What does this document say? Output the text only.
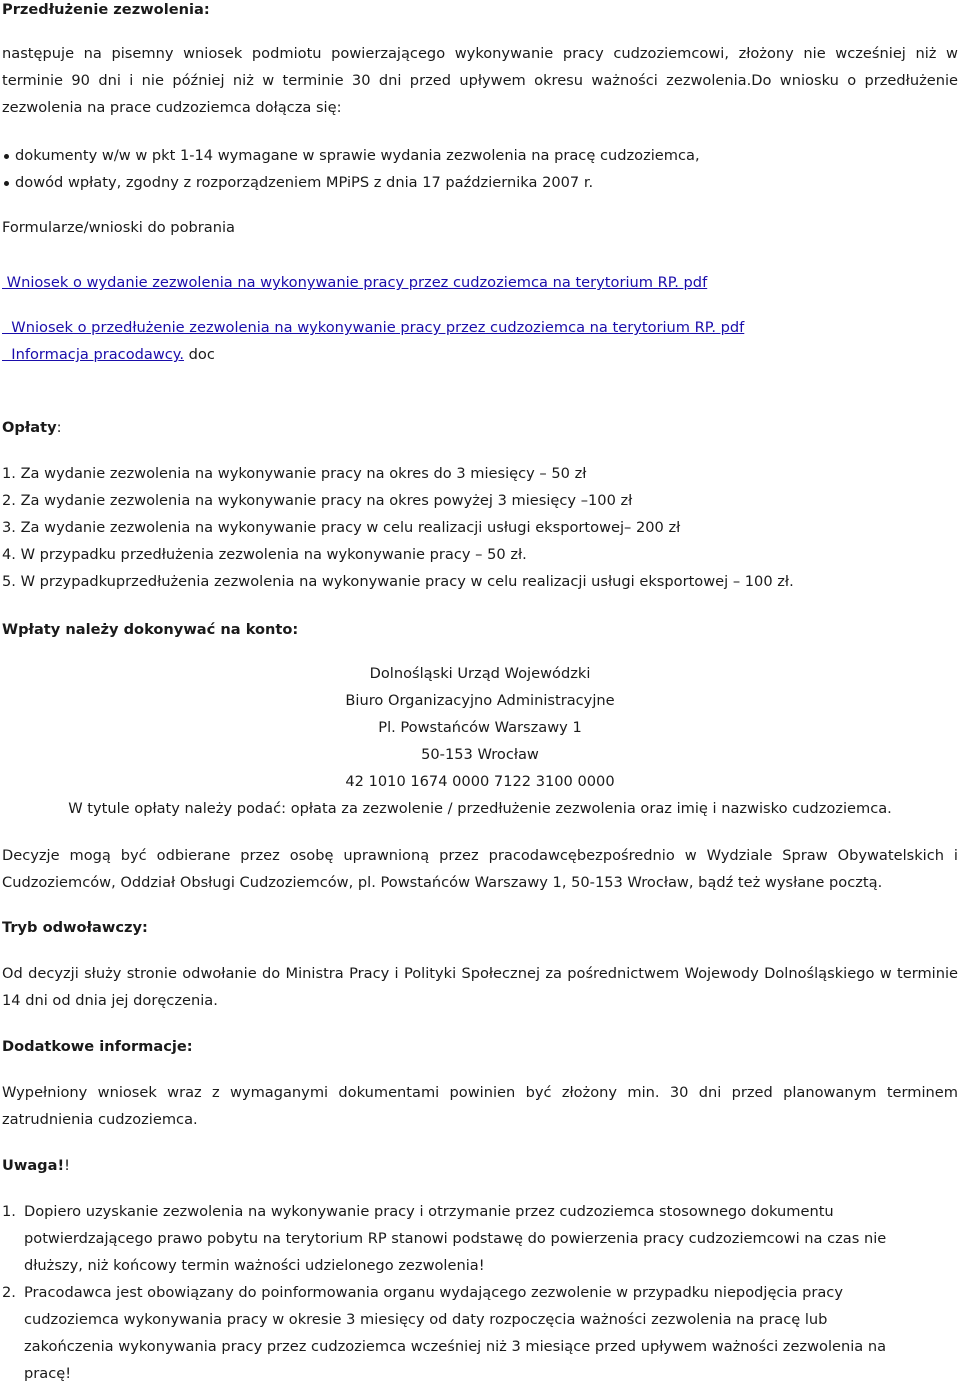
Przedłużenie zezwolenia:

następuje na pisemny wniosek podmiotu powierzającego wykonywanie pracy cudzoziemcowi, złożony nie wcześniej niż w terminie 90 dni i nie później niż w terminie 30 dni przed upływem okresu ważności zezwolenia.Do wniosku o przedłużenie zezwolenia na prace cudzoziemca dołącza się:

dokumenty w/w w pkt 1-14 wymagane w sprawie wydania zezwolenia na pracę cudzoziemca,
dowód wpłaty, zgodny z rozporządzeniem MPiPS z dnia 17 października 2007 r.
Formularze/wnioski do pobrania
Wniosek o wydanie zezwolenia na wykonywanie pracy przez cudzoziemca na terytorium RP. pdf
Wniosek o przedłużenie zezwolenia na wykonywanie pracy przez cudzoziemca na terytorium RP. pdf
Informacja pracodawcy. doc
Opłaty:
1. Za wydanie zezwolenia na wykonywanie pracy na okres do 3 miesięcy – 50 zł
2. Za wydanie zezwolenia na wykonywanie pracy na okres powyżej 3 miesięcy –100 zł
3. Za wydanie zezwolenia na wykonywanie pracy w celu realizacji usługi eksportowej– 200 zł
4. W przypadku przedłużenia zezwolenia na wykonywanie pracy – 50 zł.
5. W przypadkuprzedłużenia zezwolenia na wykonywanie pracy w celu realizacji usługi eksportowej – 100 zł.
Wpłaty należy dokonywać na konto:
Dolnośląski Urząd Wojewódzki
Biuro Organizacyjno Administracyjne
Pl. Powstańców Warszawy 1
50-153 Wrocław
42 1010 1674 0000 7122 3100 0000
W tytule opłaty należy podać: opłata za zezwolenie / przedłużenie zezwolenia oraz imię i nazwisko cudzoziemca.

Decyzje mogą być odbierane przez osobę uprawnioną przez pracodawcębezpośrednio w Wydziale Spraw Obywatelskich i Cudzoziemców, Oddział Obsługi Cudzoziemców, pl. Powstańców Warszawy 1, 50-153 Wrocław, bądź też wysłane pocztą.

Tryb odwoławczy:

Od decyzji służy stronie odwołanie do Ministra Pracy i Polityki Społecznej za pośrednictwem Wojewody Dolnośląskiego w terminie 14 dni od dnia jej doręczenia.

Dodatkowe informacje:

Wypełniony wniosek wraz z wymaganymi dokumentami powinien być złożony min. 30 dni przed planowanym terminem zatrudnienia cudzoziemca.

Uwaga!!
1. Dopiero uzyskanie zezwolenia na wykonywanie pracy i otrzymanie przez cudzoziemca stosownego dokumentu potwierdzającego prawo pobytu na terytorium RP stanowi podstawę do powierzenia pracy cudzoziemcowi na czas nie dłuższy, niż końcowy termin ważności udzielonego zezwolenia!
2. Pracodawca jest obowiązany do poinformowania organu wydającego zezwolenie w przypadku niepodjęcia pracy cudzoziemca wykonywania pracy w okresie 3 miesięcy od daty rozpoczęcia ważności zezwolenia na pracę lub zakończenia wykonywania pracy przez cudzoziemca wcześniej niż 3 miesiące przed upływem ważności zezwolenia na pracę!
